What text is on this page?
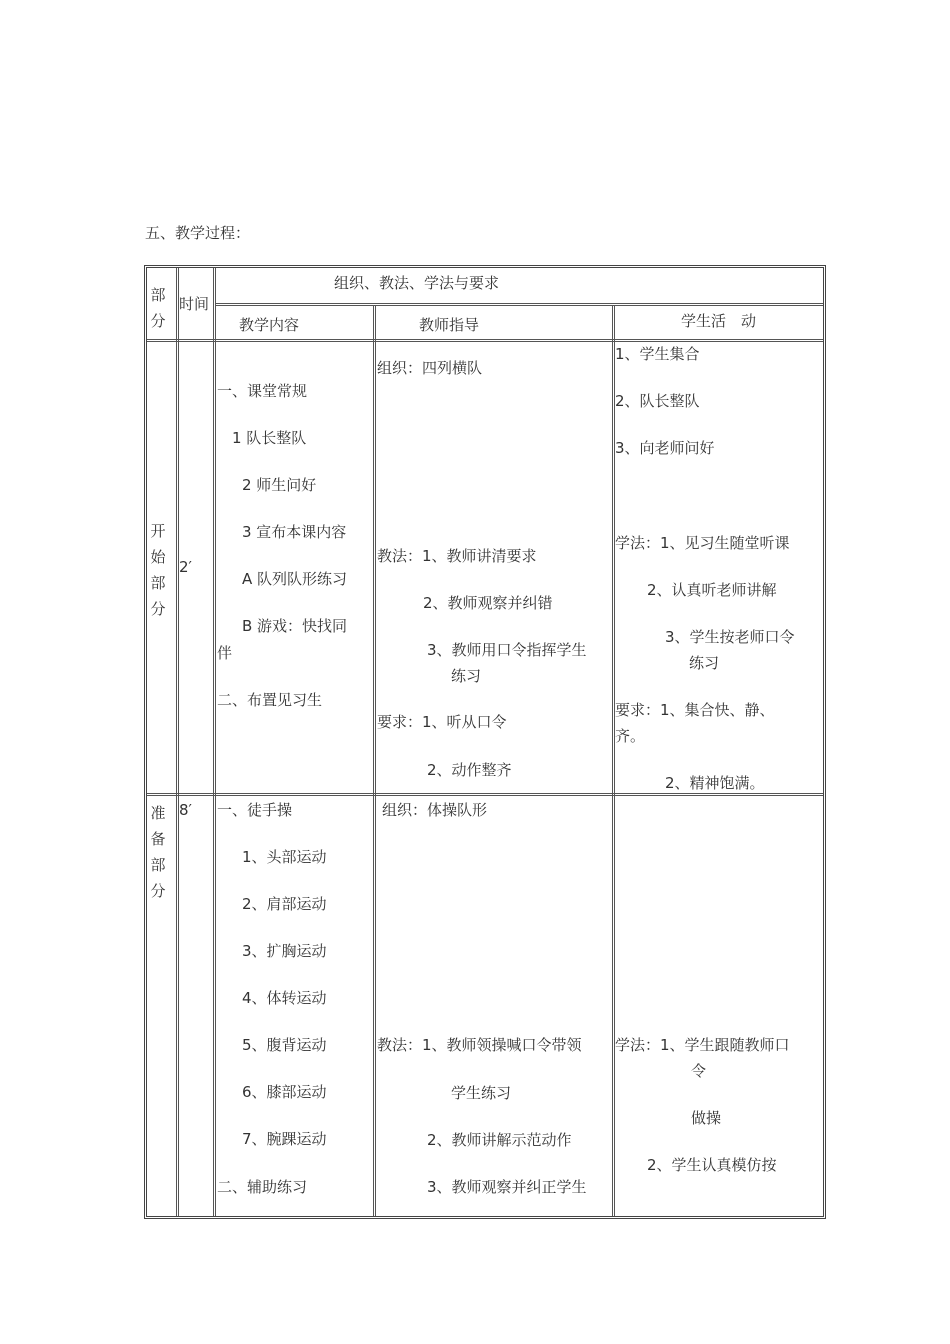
五、教学过程：
部分
时间
组织、教法、学法与要求
教学内容	教师指导	学生活　动
开始部分
2′
一、课堂常规
1 队长整队
2 师生问好
3 宣布本课内容
A 队列队形练习
B 游戏：快找同
伴
二、布置见习生
组织：四列横队
教法：1、教师讲清要求
2、教师观察并纠错
3、教师用口令指挥学生
练习
要求：1、听从口令
2、动作整齐
1、学生集合
2、队长整队
3、向老师问好
学法：1、见习生随堂听课
2、认真听老师讲解
3、学生按老师口令
练习
要求：1、集合快、静、
齐。
2、精神饱满。
准备部分
8′ 一、徒手操
1、头部运动
2、肩部运动
3、扩胸运动
4、体转运动
5、腹背运动
6、膝部运动
7、腕踝运动
二、辅助练习
组织：体操队形
教法：1、教师领操喊口令带领
学生练习
2、教师讲解示范动作
3、教师观察并纠正学生
学法：1、学生跟随教师口
令
做操
2、学生认真模仿按
